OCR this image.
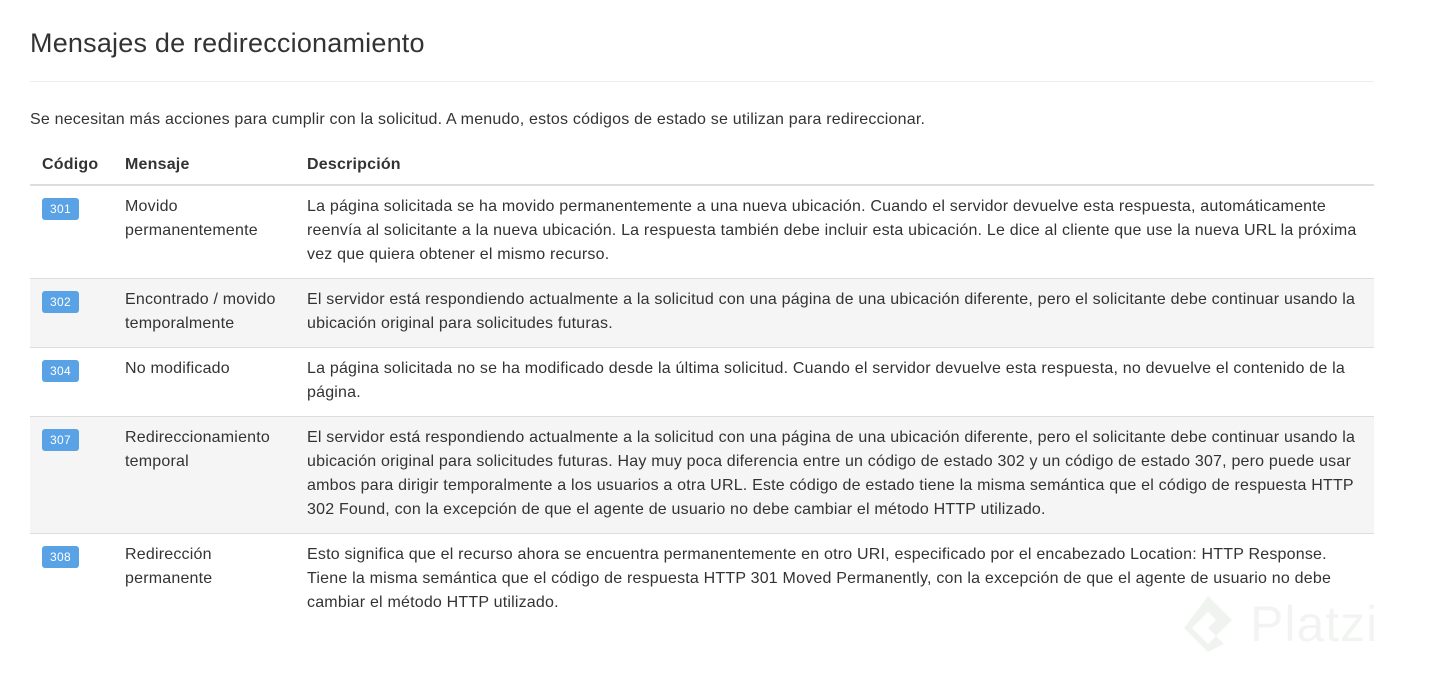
Mensajes de redireccionamiento

Se necesitan más acciones para cumplir con la solicitud. A menudo, estos códigos de estado se utilizan para redireccionar.

Código	Mensaje	Descripción
301	Movido permanentemente	La página solicitada se ha movido permanentemente a una nueva ubicación. Cuando el servidor devuelve esta respuesta, automáticamente reenvía al solicitante a la nueva ubicación. La respuesta también debe incluir esta ubicación. Le dice al cliente que use la nueva URL la próxima vez que quiera obtener el mismo recurso.
302	Encontrado / movido temporalmente	El servidor está respondiendo actualmente a la solicitud con una página de una ubicación diferente, pero el solicitante debe continuar usando la ubicación original para solicitudes futuras.
304	No modificado	La página solicitada no se ha modificado desde la última solicitud. Cuando el servidor devuelve esta respuesta, no devuelve el contenido de la página.
307	Redireccionamiento temporal	El servidor está respondiendo actualmente a la solicitud con una página de una ubicación diferente, pero el solicitante debe continuar usando la ubicación original para solicitudes futuras. Hay muy poca diferencia entre un código de estado 302 y un código de estado 307, pero puede usar ambos para dirigir temporalmente a los usuarios a otra URL. Este código de estado tiene la misma semántica que el código de respuesta HTTP 302 Found, con la excepción de que el agente de usuario no debe cambiar el método HTTP utilizado.
308	Redirección permanente	Esto significa que el recurso ahora se encuentra permanentemente en otro URI, especificado por el encabezado Location: HTTP Response. Tiene la misma semántica que el código de respuesta HTTP 301 Moved Permanently, con la excepción de que el agente de usuario no debe cambiar el método HTTP utilizado.	Platzi
